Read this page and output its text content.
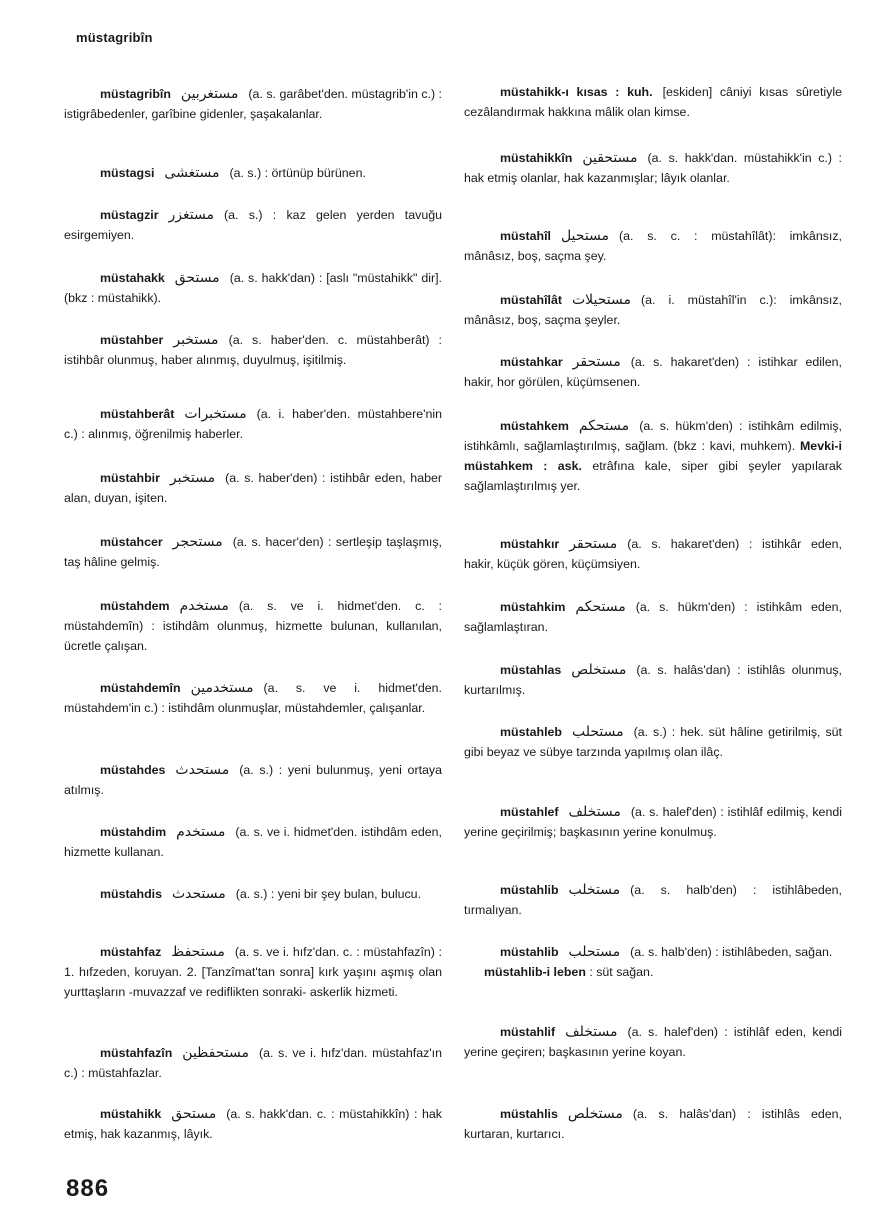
müstagribîn
müstagribîn مستغربين (a. s. garâbet'den. müstagrib'in c.) : istigrâbedenler, garîbine gidenler, şaşakalanlar.
müstagsi مستغشى (a. s.) : örtünüp bürünen.
müstagzir مستغزر (a. s.) : kaz gelen yerden tavuğu esirgemiyen.
müstahakk مستحق (a. s. hakk'dan) : [aslı "müstahikk" dir]. (bkz : müstahikk).
müstahber مستخبر (a. s. haber'den. c. müstahberât) : istihbâr olunmuş, haber alınmış, duyulmuş, işitilmiş.
müstahberât مستخبرات (a. i. haber'den. müstahbere'nin c.) : alınmış, öğrenilmiş haberler.
müstahbir مستخبر (a. s. haber'den) : istihbâr eden, haber alan, duyan, işiten.
müstahcer مستحجر (a. s. hacer'den) : sertleşip taşlaşmış, taş hâline gelmiş.
müstahdem مستخدم (a. s. ve i. hidmet'den. c. : müstahdemîn) : istihdâm olunmuş, hizmette bulunan, kullanılan, ücretle çalışan.
müstahdemîn مستخدمين (a. s. ve i. hidmet'den. müstahdem'in c.) : istihdâm olunmuşlar, müstahdemler, çalışanlar.
müstahdes مستحدث (a. s.) : yeni bulunmuş, yeni ortaya atılmış.
müstahdim مستخدم (a. s. ve i. hidmet'den. istihdâm eden, hizmette kullanan.
müstahdis مستحدث (a. s.) : yeni bir şey bulan, bulucu.
müstahfaz مستحفظ (a. s. ve i. hıfz'dan. c. : müstahfazîn) : 1. hıfzeden, koruyan. 2. [Tanzîmat'tan sonra] kırk yaşını aşmış olan yurttaşların -muvazzaf ve rediflikten sonraki- askerlik hizmeti.
müstahfazîn مستحفظين (a. s. ve i. hıfz'dan. müstahfaz'ın c.) : müstahfazlar.
müstahikk مستحق (a. s. hakk'dan. c. : müstahikkîn) : hak etmiş, hak kazanmış, lâyık.
müstahikk-ı kısas : kuh. [eskiden] câniyi kısas sûretiyle cezâlandırmak hakkına mâlik olan kimse.
müstahikkîn مستحقين (a. s. hakk'dan. müstahikk'in c.) : hak etmiş olanlar, hak kazanmışlar; lâyık olanlar.
müstahîl مستحيل (a. s. c. : müstahîlât): imkânsız, mânâsız, boş, saçma şey.
müstahîlât مستحيلات (a. i. müstahîl'in c.): imkânsız, mânâsız, boş, saçma şeyler.
müstahkar مستحقر (a. s. hakaret'den) : istihkar edilen, hakir, hor görülen, küçümsenen.
müstahkem مستحكم (a. s. hükm'den) : istihkâm edilmiş, istihkâmlı, sağlamlaştırılmış, sağlam. (bkz : kavi, muhkem). Mevki-i müstahkem : ask. etrâfına kale, siper gibi şeyler yapılarak sağlamlaştırılmış yer.
müstahkır مستحقر (a. s. hakaret'den) : istihkâr eden, hakir, küçük gören, küçümsiyen.
müstahkim مستحكم (a. s. hükm'den) : istihkâm eden, sağlamlaştıran.
müstahlas مستخلص (a. s. halâs'dan) : istihlâs olunmuş, kurtarılmış.
müstahleb مستحلب (a. s.) : hek. süt hâline getirilmiş, süt gibi beyaz ve sübye tarzında yapılmış olan ilâç.
müstahlef مستخلف (a. s. halef'den) : istihlâf edilmiş, kendi yerine geçirilmiş; başkasının yerine konulmuş.
müstahlib مستخلب (a. s. halb'den) : istihlâbeden, tırmalıyan.
müstahlib مستحلب (a. s. halb'den) : istihlâbeden, sağan.
müstahlib-i leben : süt sağan.
müstahlif مستخلف (a. s. halef'den) : istihlâf eden, kendi yerine geçiren; başkasının yerine koyan.
müstahlis مستخلص (a. s. halâs'dan) : istihlâs eden, kurtaran, kurtarıcı.
886
